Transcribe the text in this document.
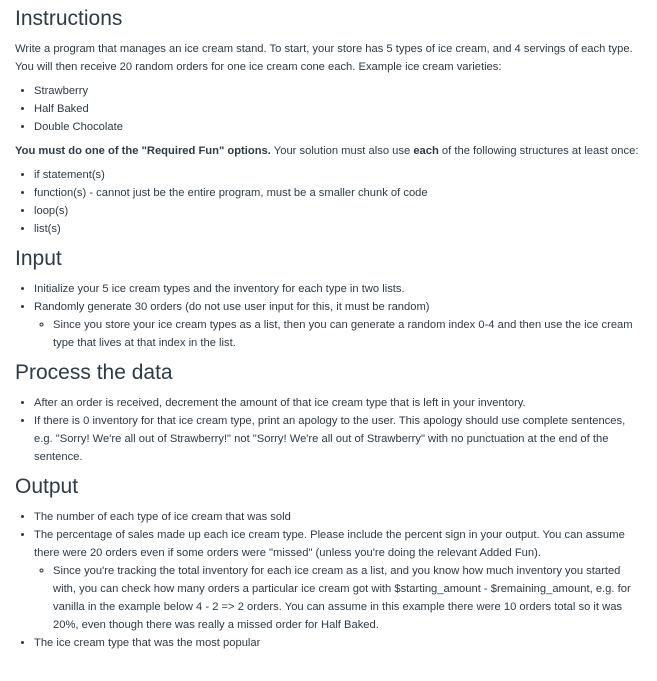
Instructions

Write a program that manages an ice cream stand. To start, your store has 5 types of ice cream, and 4 servings of each type. You will then receive 20 random orders for one ice cream cone each. Example ice cream varieties:

• Strawberry
• Half Baked
• Double Chocolate

You must do one of the "Required Fun" options. Your solution must also use each of the following structures at least once:

• if statement(s)
• function(s) - cannot just be the entire program, must be a smaller chunk of code
• loop(s)
• list(s)
Input
• Initialize your 5 ice cream types and the inventory for each type in two lists.
• Randomly generate 30 orders (do not use user input for this, it must be random)
◦ Since you store your ice cream types as a list, then you can generate a random index 0-4 and then use the ice cream type that lives at that index in the list.
Process the data
• After an order is received, decrement the amount of that ice cream type that is left in your inventory.
• If there is 0 inventory for that ice cream type, print an apology to the user. This apology should use complete sentences, e.g. "Sorry! We're all out of Strawberry!" not "Sorry! We're all out of Strawberry" with no punctuation at the end of the sentence.
Output
• The number of each type of ice cream that was sold
• The percentage of sales made up each ice cream type. Please include the percent sign in your output. You can assume there were 20 orders even if some orders were "missed" (unless you're doing the relevant Added Fun).
◦ Since you're tracking the total inventory for each ice cream as a list, and you know how much inventory you started with, you can check how many orders a particular ice cream got with $starting_amount - $remaining_amount, e.g. for vanilla in the example below 4 - 2 => 2 orders. You can assume in this example there were 10 orders total so it was 20%, even though there was really a missed order for Half Baked.
• The ice cream type that was the most popular
